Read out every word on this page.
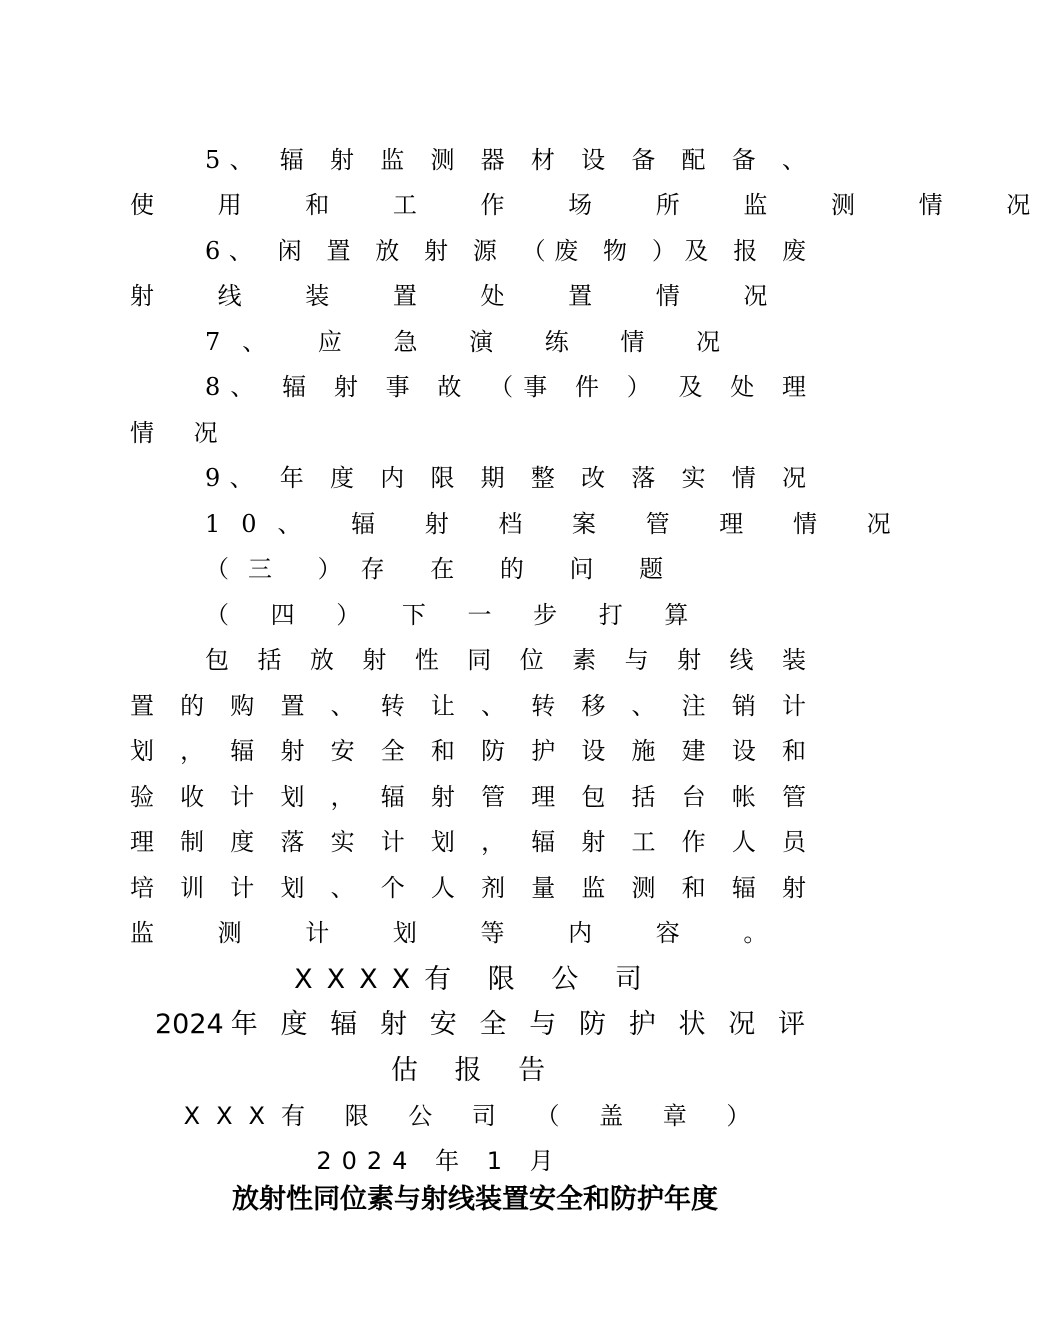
5、 辐 射 监 测 器 材 设 备 配 备 、
使 用 和 工 作 场 所 监 测 情 况
6、 闲 置 放 射 源 （废 物 ）及 报 废
射 线 装 置 处 置 情 况
7、 应 急 演 练 情 况
8、 辐 射 事 故 （事 件 ） 及 处 理
情 况
9、 年 度 内 限 期 整 改 落 实 情 况
10、 辐 射 档 案 管 理 情 况
（三 ）存 在 的 问 题
（ 四 ） 下 一 步 打 算
包 括 放 射 性 同 位 素 与 射 线 装
置 的 购 置 、 转 让 、 转 移 、 注 销 计
划 ， 辐 射 安 全 和 防 护 设 施 建 设 和
验 收 计 划 ， 辐 射 管 理 包 括 台 帐 管
理 制 度 落 实 计 划 ， 辐 射 工 作 人 员
培 训 计 划 、 个 人 剂 量 监 测 和 辐 射
监 测 计 划 等 内 容 。
XXXX有 限 公 司
2024年 度 辐 射 安 全 与 防 护 状 况 评
估 报 告
XXX有 限 公 司 （ 盖 章 ）
2024 年 1 月
放射性同位素与射线装置安全和防护年度
